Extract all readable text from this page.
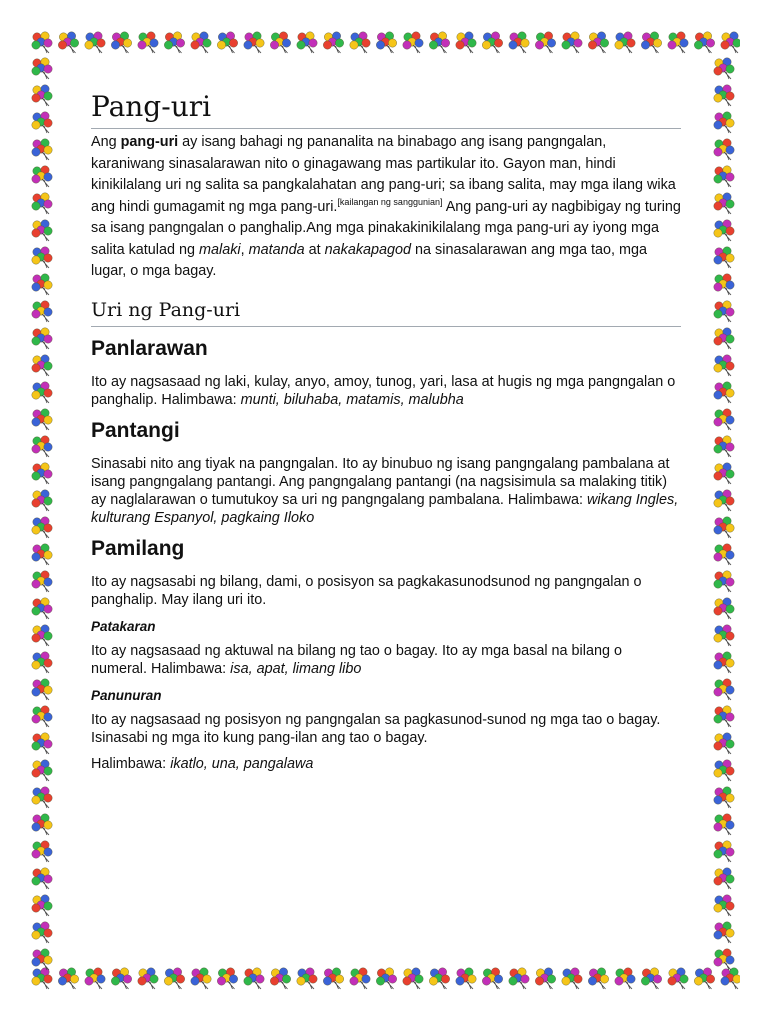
Pang-uri

Ang pang-uri ay isang bahagi ng pananalita na binabago ang isang pangngalan, karaniwang sinasalarawan nito o ginagawang mas partikular ito. Gayon man, hindi kinikilalang uri ng salita sa pangkalahatan ang pang-uri; sa ibang salita, may mga ilang wika ang hindi gumagamit ng mga pang-uri.[kailangan ng sanggunian] Ang pang-uri ay nagbibigay ng turing sa isang pangngalan o panghalip.Ang mga pinakakinikilalang mga pang-uri ay iyong mga salita katulad ng malaki, matanda at nakakapagod na sinasalarawan ang mga tao, mga lugar, o mga bagay.

Uri ng Pang-uri
Panlarawan

Ito ay nagsasaad ng laki, kulay, anyo, amoy, tunog, yari, lasa at hugis ng mga pangngalan o panghalip. Halimbawa: munti, biluhaba, matamis, malubha

Pantangi

Sinasabi nito ang tiyak na pangngalan. Ito ay binubuo ng isang pangngalang pambalana at isang pangngalang pantangi. Ang pangngalang pantangi (na nagsisimula sa malaking titik) ay naglalarawan o tumutukoy sa uri ng pangngalang pambalana. Halimbawa: wikang Ingles, kulturang Espanyol, pagkaing Iloko

Pamilang

Ito ay nagsasabi ng bilang, dami, o posisyon sa pagkakasunodsunod ng pangngalan o panghalip. May ilang uri ito.

Patakaran

Ito ay nagsasaad ng aktuwal na bilang ng tao o bagay. Ito ay mga basal na bilang o numeral. Halimbawa: isa, apat, limang libo

Panunuran

Ito ay nagsasaad ng posisyon ng pangngalan sa pagkasunod-sunod ng mga tao o bagay. Isinasabi ng mga ito kung pang-ilan ang tao o bagay.

Halimbawa: ikatlo, una, pangalawa
